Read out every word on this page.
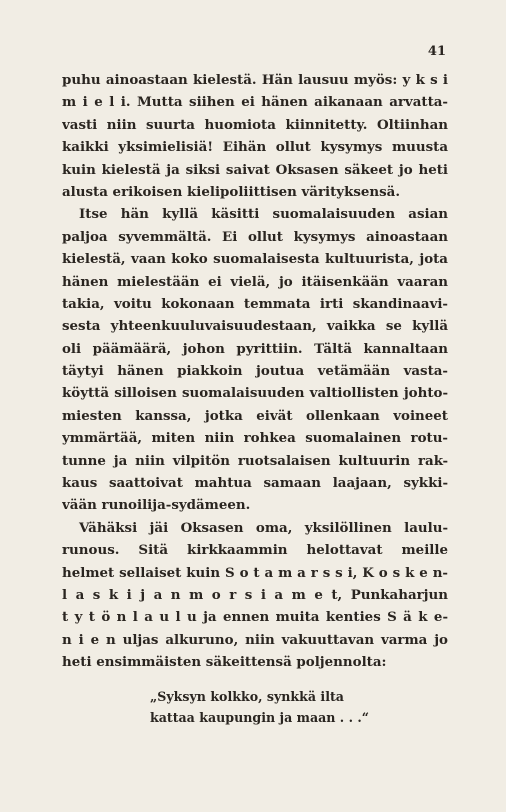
41
puhu ainoastaan kielestä. Hän lausuu myös: y k s i
m i e l i. Mutta siihen ei hänen aikanaan arvatta-
vasti niin suurta huomiota kiinnitetty. Oltiinhan
kaikki yksimielisiä! Eihän ollut kysymys muusta
kuin kielestä ja siksi saivat Oksasen säkeet jo heti
alusta erikoisen kielipoliittisen värityksensä.
Itse hän kyllä käsitti suomalaisuuden asian
paljoa syvemmältä. Ei ollut kysymys ainoastaan
kielestä, vaan koko suomalaisesta kultuurista, jota
hänen mielestään ei vielä, jo itäisenkään vaaran
takia, voitu kokonaan temmata irti skandinaavi-
sesta yhteenkuuluvaisuudestaan, vaikka se kyllä
oli päämäärä, johon pyrittiin. Tältä kannaltaan
täytyi hänen piakkoin joutua vetämään vasta-
köyttä silloisen suomalaisuuden valtiollisten johto-
miesten kanssa, jotka eivät ollenkaan voineet
ymmärtää, miten niin rohkea suomalainen rotu-
tunne ja niin vilpitön ruotsalaisen kultuurin rak-
kaus saattoivat mahtua samaan laajaan, sykki-
vään runoilija-sydämeen.
Vähäksi jäi Oksasen oma, yksilöllinen laulu-
runous. Sitä kirkkaammin helottavat meille
helmet sellaiset kuin S o t a m a r s s i, K o s k e n-
l a s k i j a n m o r s i a m e t, Punkaharjun
t y t ö n l a u l u ja ennen muita kenties S ä k e-
n i e n uljas alkuruno, niin vakuuttavan varma jo
heti ensimmäisten säkeittensä poljennolta:
„Syksyn kolkko, synkkä ilta
kattaa kaupungin ja maan . . .“
